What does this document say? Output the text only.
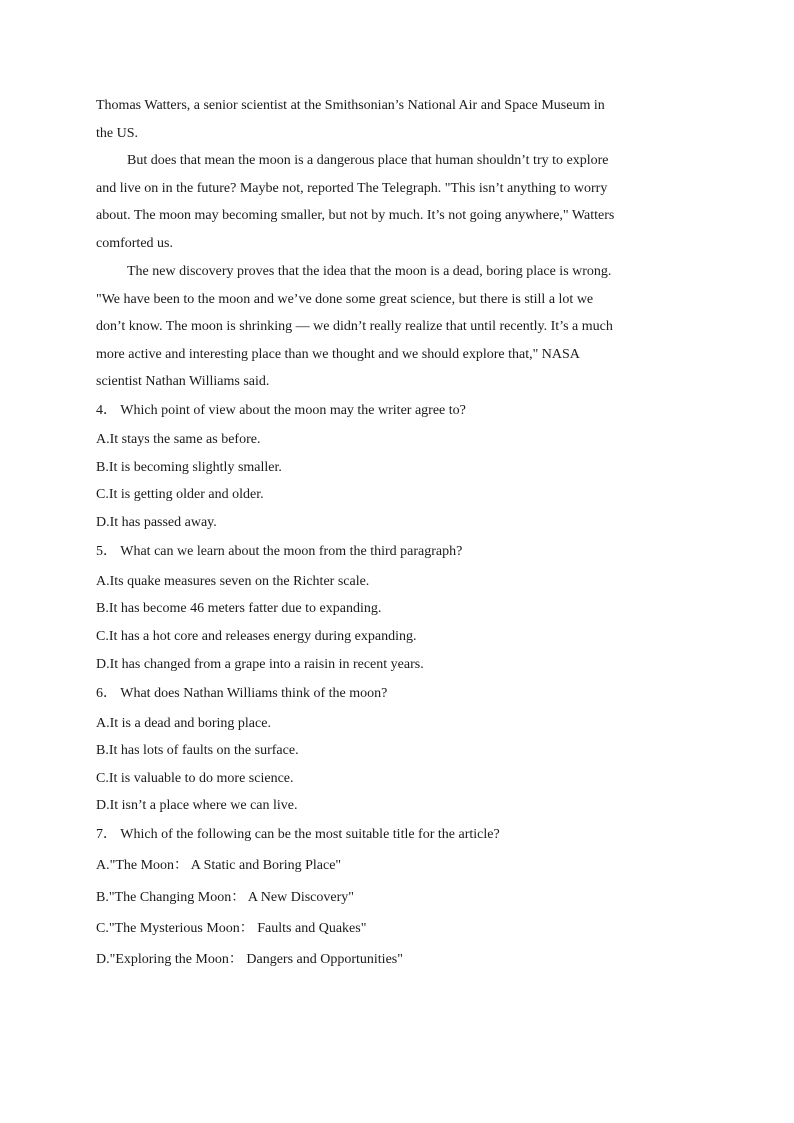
Thomas Watters, a senior scientist at the Smithsonian’s National Air and Space Museum in
the US.
But does that mean the moon is a dangerous place that human shouldn’t try to explore
and live on in the future? Maybe not, reported The Telegraph. "This isn’t anything to worry
about. The moon may becoming smaller, but not by much. It’s not going anywhere," Watters
comforted us.
The new discovery proves that the idea that the moon is a dead, boring place is wrong.
"We have been to the moon and we’ve done some great science, but there is still a lot we
don’t know. The moon is shrinking — we didn’t really realize that until recently. It’s a much
more active and interesting place than we thought and we should explore that," NASA
scientist Nathan Williams said.
4． Which point of view about the moon may the writer agree to?
A.It stays the same as before.
B.It is becoming slightly smaller.
C.It is getting older and older.
D.It has passed away.
5． What can we learn about the moon from the third paragraph?
A.Its quake measures seven on the Richter scale.
B.It has become 46 meters fatter due to expanding.
C.It has a hot core and releases energy during expanding.
D.It has changed from a grape into a raisin in recent years.
6． What does Nathan Williams think of the moon?
A.It is a dead and boring place.
B.It has lots of faults on the surface.
C.It is valuable to do more science.
D.It isn’t a place where we can live.
7． Which of the following can be the most suitable title for the article?
A."The Moon： A Static and Boring Place"
B."The Changing Moon： A New Discovery"
C."The Mysterious Moon： Faults and Quakes"
D."Exploring the Moon： Dangers and Opportunities"
